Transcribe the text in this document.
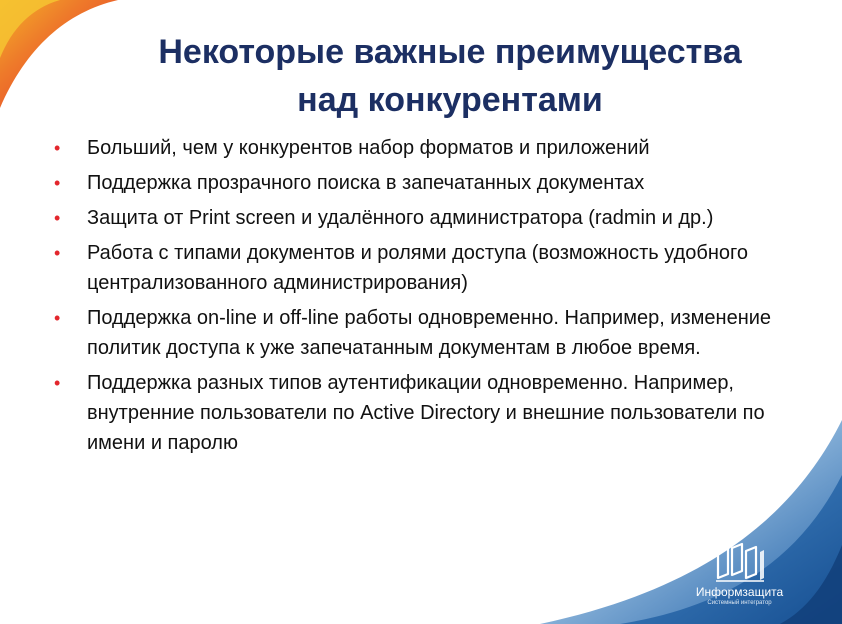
Некоторые важные преимущества
над конкурентами
• Больший, чем у конкурентов набор форматов и приложений
• Поддержка прозрачного поиска в запечатанных документах
• Защита от Print screen и удалённого администратора (radmin и др.)
• Работа с типами документов и ролями доступа (возможность удобного централизованного администрирования)
• Поддержка on-line и off-line работы одновременно. Например, изменение политик доступа к уже запечатанным документам в любое время.
• Поддержка разных типов аутентификации одновременно. Например, внутренние пользователи по Active Directory и внешние пользователи по имени и паролю
Информзащита
Системный интегратор
